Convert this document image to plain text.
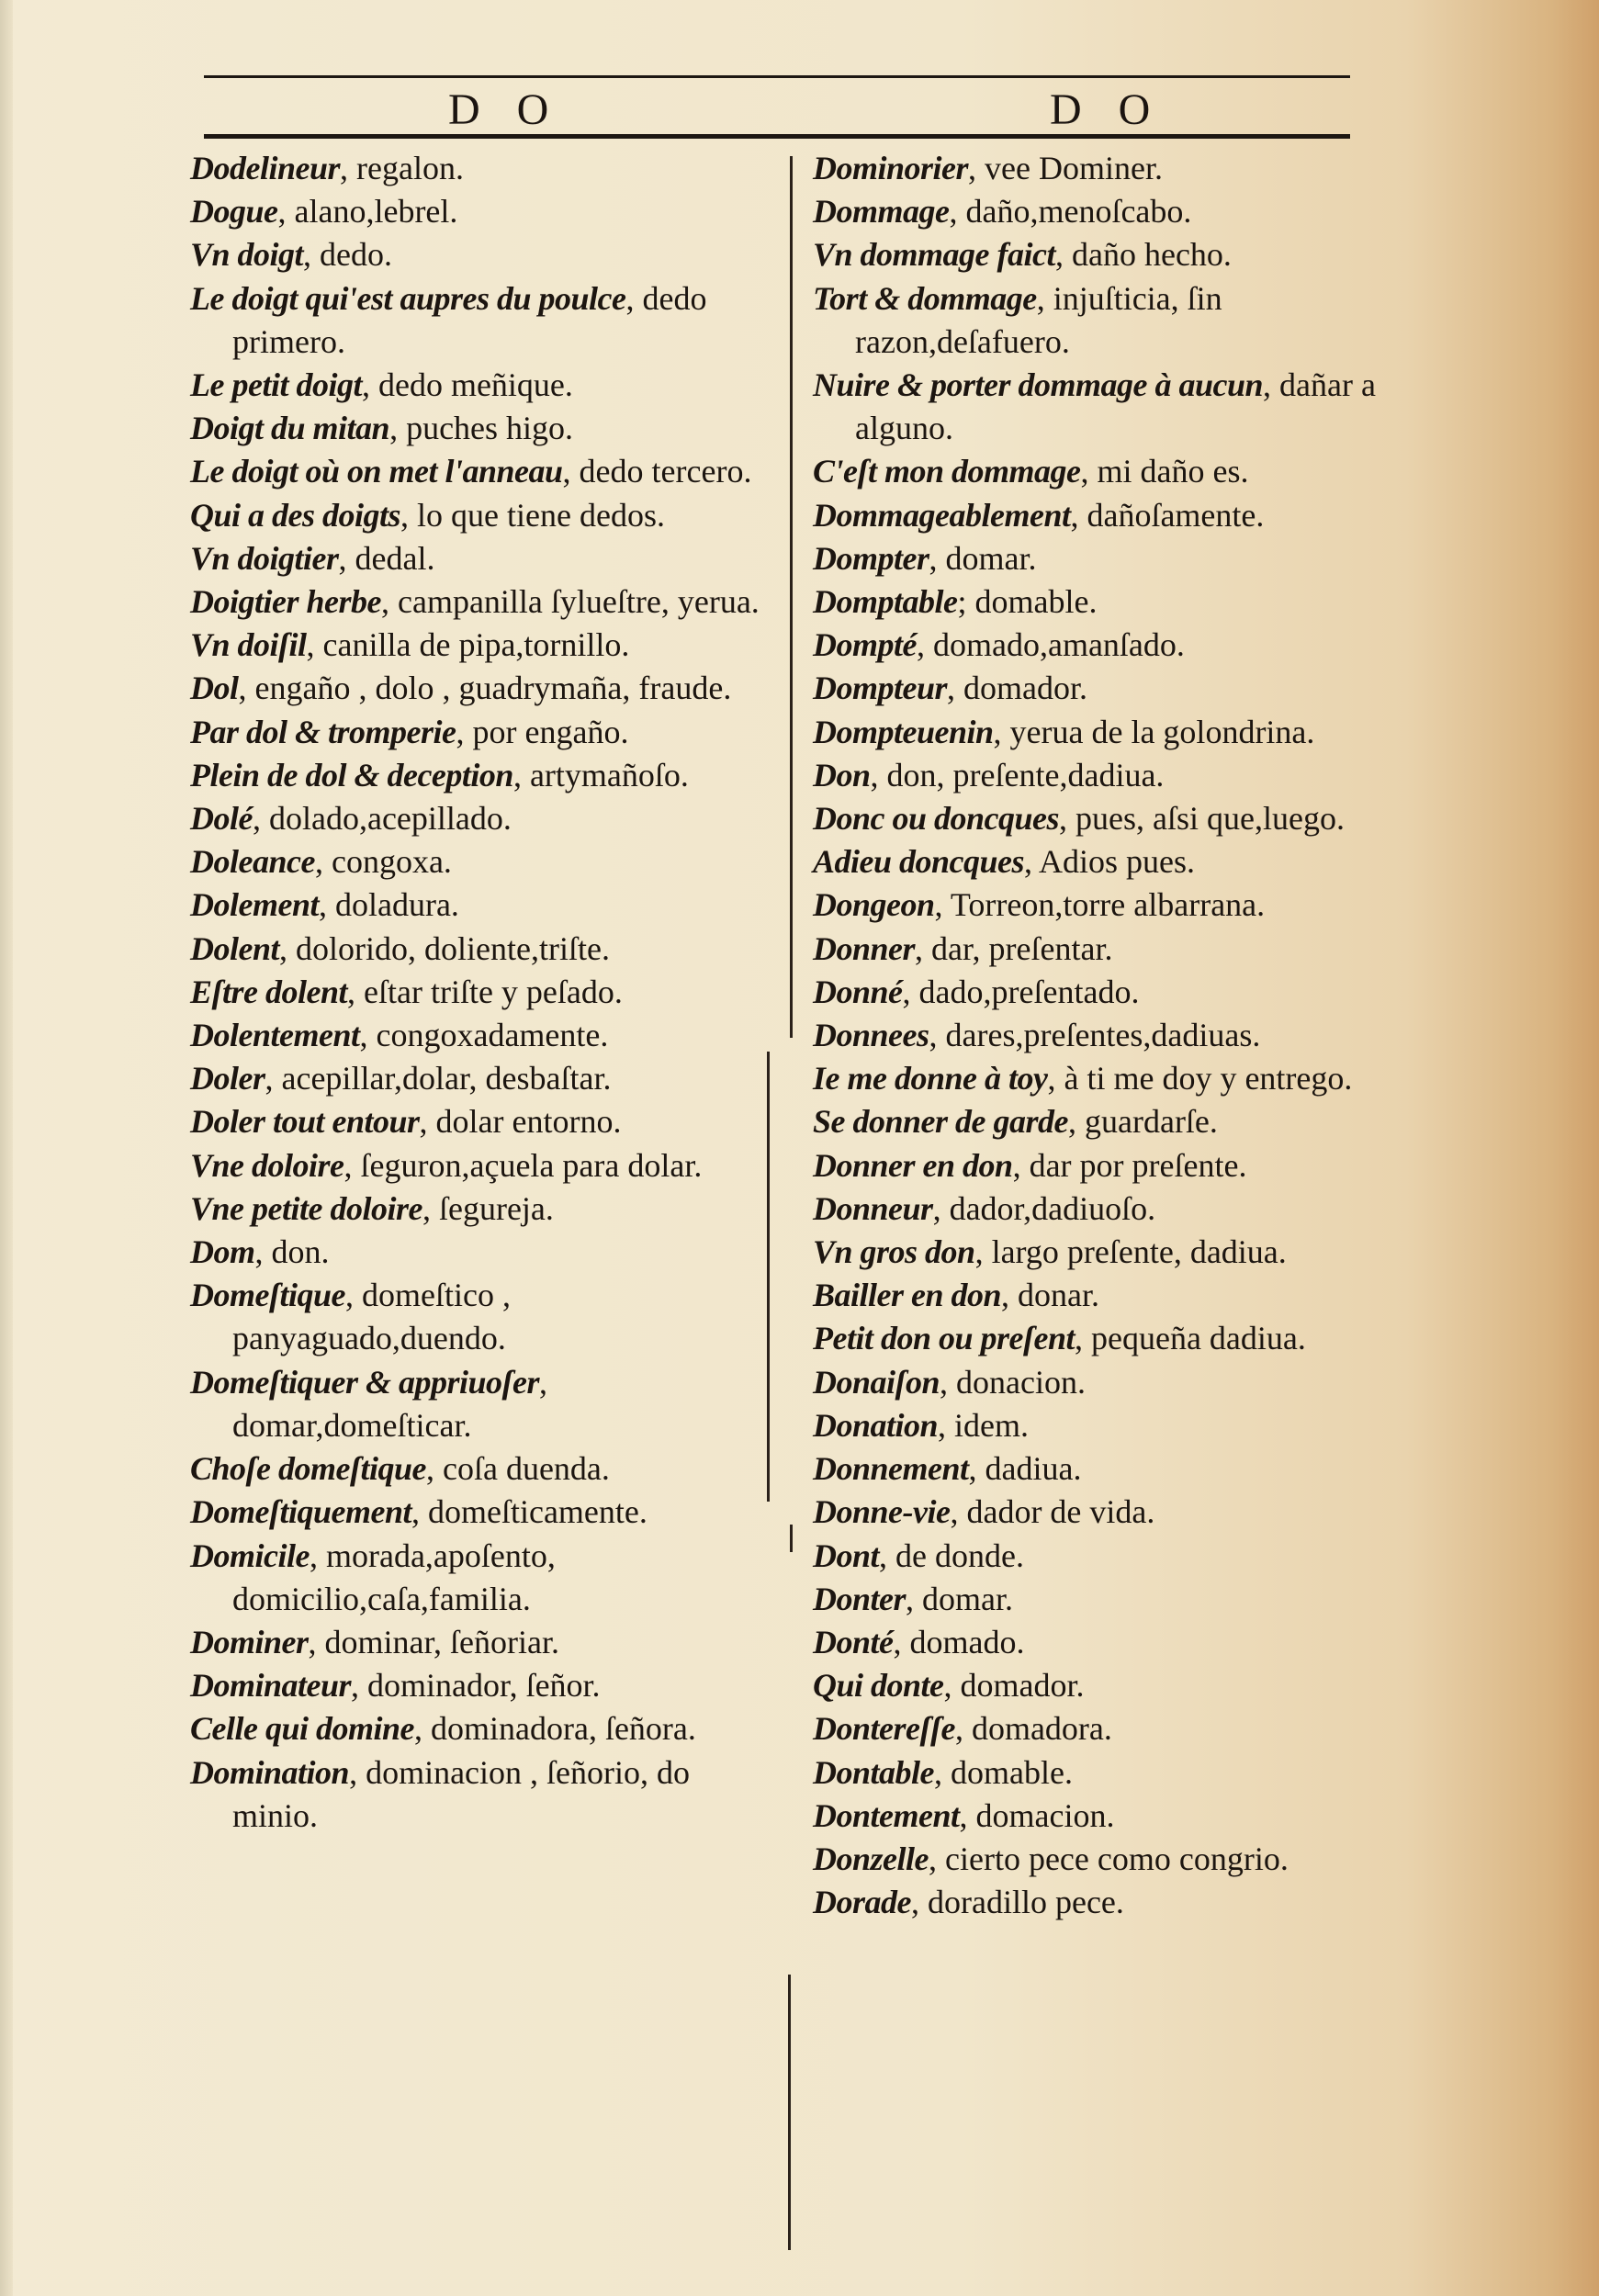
D O	D O
Dodelineur, regalon.
Dogue, alano,lebrel.
Vn doigt, dedo.
Le doigt qui'est aupres du poulce, dedo primero.
Le petit doigt, dedo meñique.
Doigt du mitan, puches higo.
Le doigt où on met l'anneau, dedo tercero.
Qui a des doigts, lo que tiene dedos.
Vn doigtier, dedal.
Doigtier herbe, campanilla ſylueſtre, yerua.
Vn doiſil, canilla de pipa,tornillo.
Dol, engaño , dolo , guadrymaña, fraude.
Par dol & tromperie, por engaño.
Plein de dol & deception, artymañoſo.
Dolé, dolado,acepillado.
Doleance, congoxa.
Dolement, doladura.
Dolent, dolorido, doliente,triſte.
Eſtre dolent, eſtar triſte y peſado.
Dolentement, congoxadamente.
Doler, acepillar,dolar, desbaſtar.
Doler tout entour, dolar entorno.
Vne doloire, ſeguron,açuela para dolar.
Vne petite doloire, ſegureja.
Dom, don.
Domeſtique, domeſtico , panyaguado,duendo.
Domeſtiquer & appriuoſer, domar,domeſticar.
Choſe domeſtique, coſa duenda.
Domeſtiquement, domeſticamente.
Domicile, morada,apoſento, domicilio,caſa,familia.
Dominer, dominar, ſeñoriar.
Dominateur, dominador, ſeñor.
Celle qui domine, dominadora, ſeñora.
Domination, dominacion , ſeñorio, do minio.
Dominorier, vee Dominer.
Dommage, daño,menoſcabo.
Vn dommage faict, daño hecho.
Tort & dommage, injuſticia, ſin razon,deſafuero.
Nuire & porter dommage à aucun, dañar a alguno.
C'eſt mon dommage, mi daño es.
Dommageablement, dañoſamente.
Dompter, domar.
Domptable; domable.
Dompté, domado,amanſado.
Dompteur, domador.
Dompteuenin, yerua de la golondrina.
Don, don, preſente,dadiua.
Donc ou doncques, pues, aſsi que,luego.
Adieu doncques, Adios pues.
Dongeon, Torreon,torre albarrana.
Donner, dar, preſentar.
Donné, dado,preſentado.
Donnees, dares,preſentes,dadiuas.
Ie me donne à toy, à ti me doy y entrego.
Se donner de garde, guardarſe.
Donner en don, dar por preſente.
Donneur, dador,dadiuoſo.
Vn gros don, largo preſente, dadiua.
Bailler en don, donar.
Petit don ou preſent, pequeña dadiua.
Donaiſon, donacion.
Donation, idem.
Donnement, dadiua.
Donne-vie, dador de vida.
Dont, de donde.
Donter, domar.
Donté, domado.
Qui donte, domador.
Dontereſſe, domadora.
Dontable, domable.
Dontement, domacion.
Donzelle, cierto pece como congrio.
Dorade, doradillo pece.
